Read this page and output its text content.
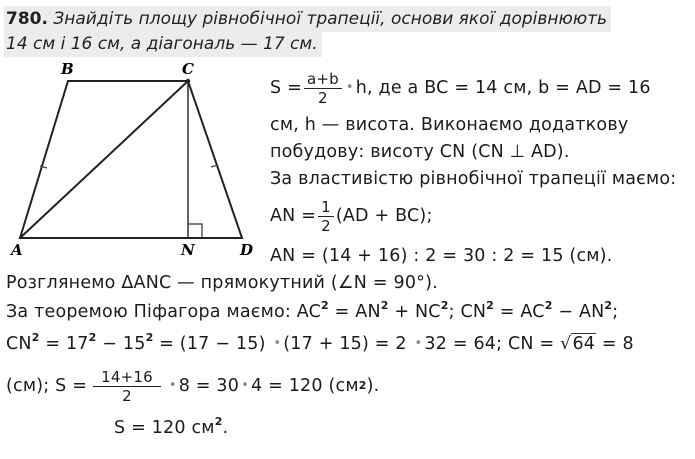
780. Знайдіть площу рівнобічної трапеції, основи якої дорівнюють
14 см і 16 см, а діагональ — 17 см.
B	C
A	N	D
$S = \frac{a+b}{2}$ • h, де a BC = 14 см, b = AD = 16
см, h — висота. Виконаємо додаткову
побудову: висоту CN (CN ⊥ AD).
За властивістю рівнобічної трапеції маємо:
AN = $\frac{1}{2} (AD + BC)$;
AN = (14 + 16) : 2 = 30 : 2 = 15 (см).
Розглянемо ΔANC — прямокутний (∠N = 90°).
За теоремою Піфагора маємо: $AC^2 = AN^2 + NC^2$; $CN^2 = AC^2 - AN^2$;
$CN^2 = 17^2 - 15^2 = (17 - 15)$ • (17 + 15) = 2 • 32 = 64; CN = √64 = 8
(см); $S = \frac{14+16}{2}$ • 8 = 30 • 4 = 120 (см 2 ).
S = 120 $см^2$.
